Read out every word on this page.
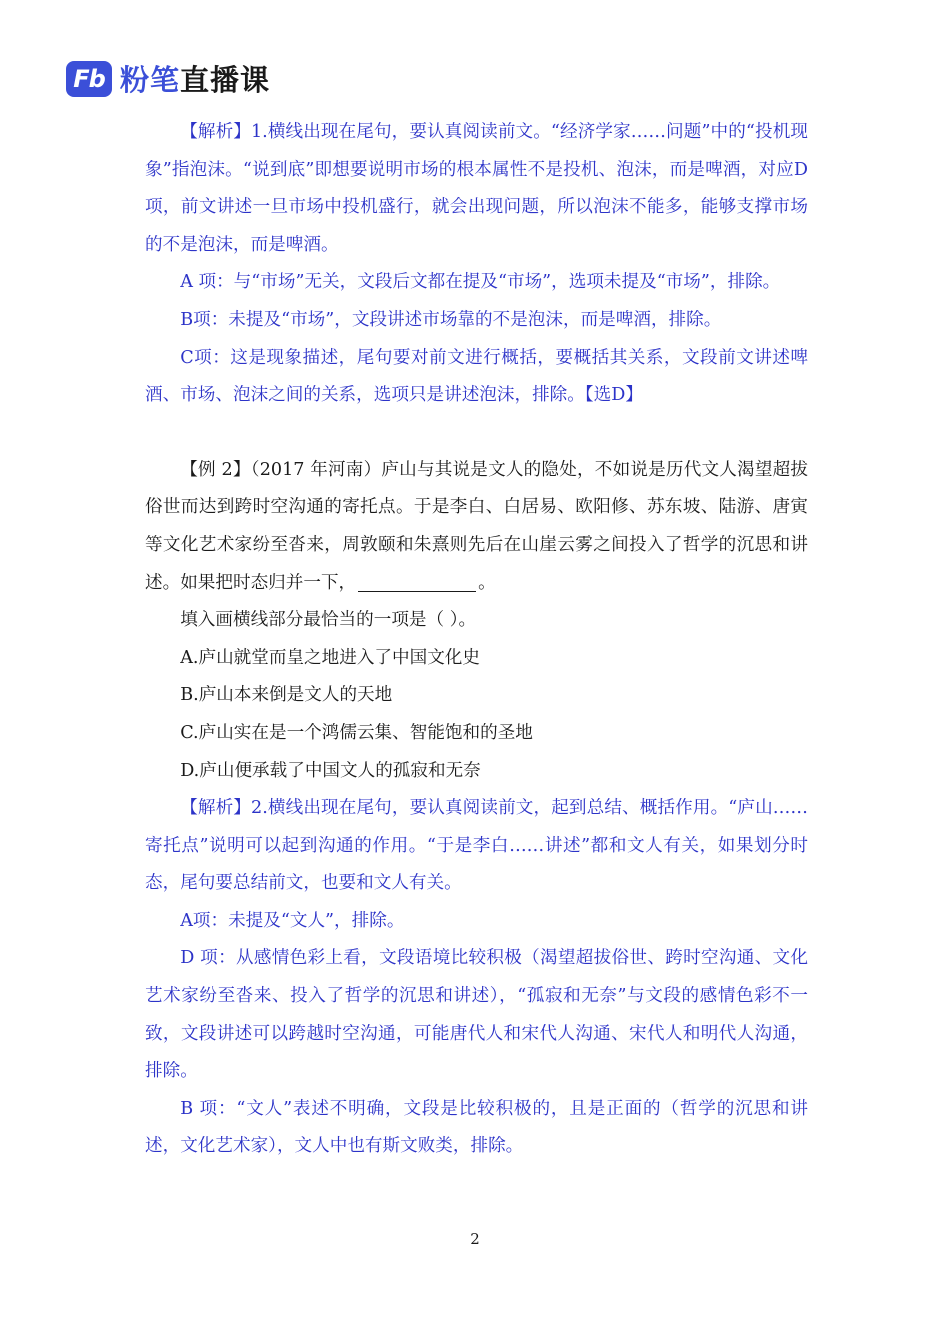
Fb 粉笔直播课

【解析】1.横线出现在尾句，要认真阅读前文。“经济学家……问题”中的“投机现象”指泡沫。“说到底”即想要说明市场的根本属性不是投机、泡沫，而是啤酒，对应D项，前文讲述一旦市场中投机盛行，就会出现问题，所以泡沫不能多，能够支撑市场的不是泡沫，而是啤酒。

A 项：与“市场”无关，文段后文都在提及“市场”，选项未提及“市场”，排除。

B项：未提及“市场”，文段讲述市场靠的不是泡沫，而是啤酒，排除。

C项：这是现象描述，尾句要对前文进行概括，要概括其关系，文段前文讲述啤酒、市场、泡沫之间的关系，选项只是讲述泡沫，排除。【选D】

【例 2】（2017 年河南）庐山与其说是文人的隐处，不如说是历代文人渴望超拔俗世而达到跨时空沟通的寄托点。于是李白、白居易、欧阳修、苏东坡、陆游、唐寅等文化艺术家纷至沓来，周敦颐和朱熹则先后在山崖云雾之间投入了哲学的沉思和讲述。如果把时态归并一下，	。

填入画横线部分最恰当的一项是（ ）。

A.庐山就堂而皇之地进入了中国文化史

B.庐山本来倒是文人的天地

C.庐山实在是一个鸿儒云集、智能饱和的圣地

D.庐山便承载了中国文人的孤寂和无奈

【解析】2.横线出现在尾句，要认真阅读前文，起到总结、概括作用。“庐山……寄托点”说明可以起到沟通的作用。“于是李白……讲述”都和文人有关，如果划分时态，尾句要总结前文，也要和文人有关。

A项：未提及“文人”，排除。

D 项：从感情色彩上看，文段语境比较积极（渴望超拔俗世、跨时空沟通、文化艺术家纷至沓来、投入了哲学的沉思和讲述），“孤寂和无奈”与文段的感情色彩不一致，文段讲述可以跨越时空沟通，可能唐代人和宋代人沟通、宋代人和明代人沟通，排除。

B 项：“文人”表述不明确，文段是比较积极的，且是正面的（哲学的沉思和讲述，文化艺术家），文人中也有斯文败类，排除。

2
